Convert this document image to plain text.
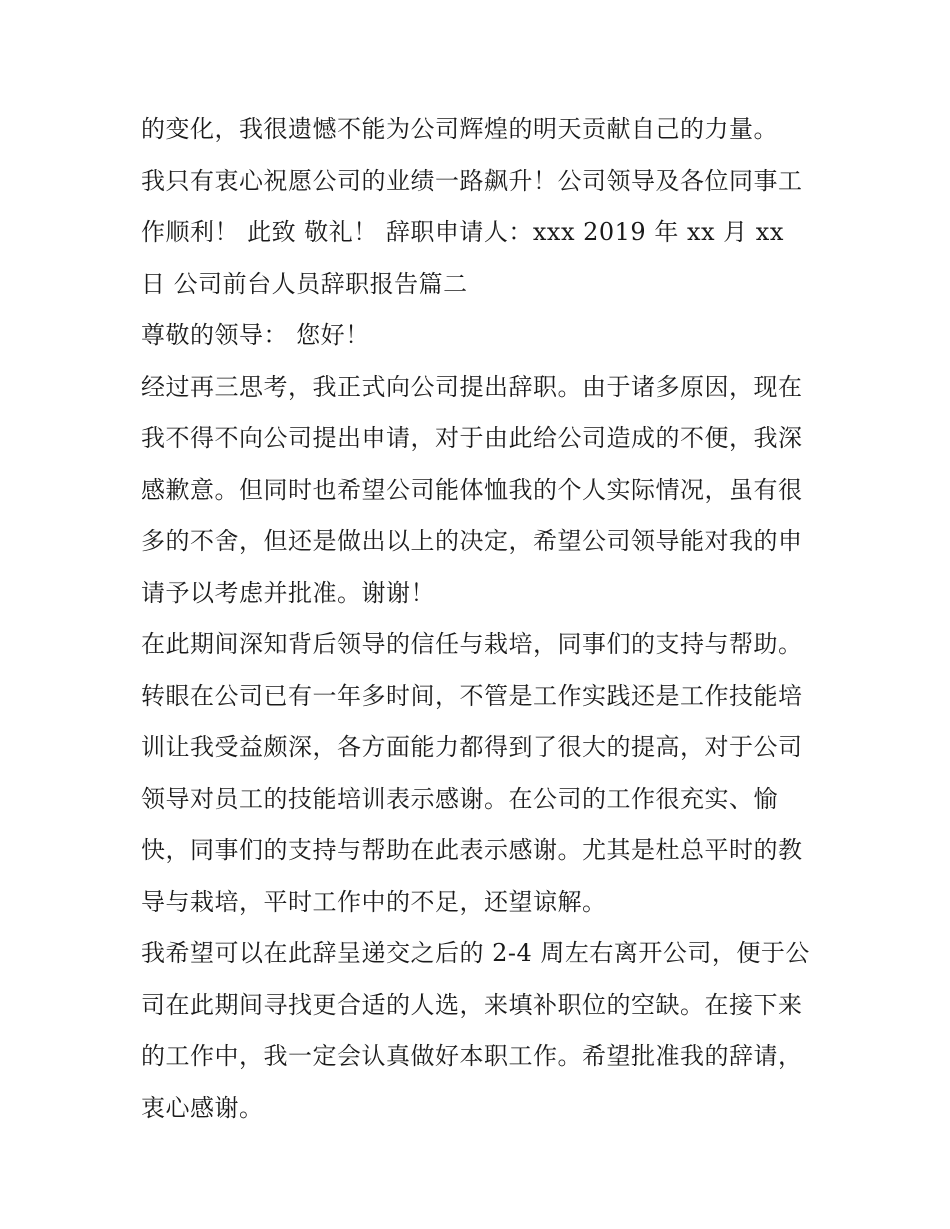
的变化，我很遗憾不能为公司辉煌的明天贡献自己的力量。

我只有衷心祝愿公司的业绩一路飙升！公司领导及各位同事工作顺利！ 此致 敬礼！ 辞职申请人：xxx 2019 年 xx 月 xx 日 公司前台人员辞职报告篇二

尊敬的领导： 您好！

经过再三思考，我正式向公司提出辞职。由于诸多原因，现在我不得不向公司提出申请，对于由此给公司造成的不便，我深感歉意。但同时也希望公司能体恤我的个人实际情况，虽有很多的不舍，但还是做出以上的决定，希望公司领导能对我的申请予以考虑并批准。谢谢！

在此期间深知背后领导的信任与栽培，同事们的支持与帮助。

转眼在公司已有一年多时间，不管是工作实践还是工作技能培训让我受益颇深，各方面能力都得到了很大的提高，对于公司领导对员工的技能培训表示感谢。在公司的工作很充实、愉快，同事们的支持与帮助在此表示感谢。尤其是杜总平时的教导与栽培，平时工作中的不足，还望谅解。

我希望可以在此辞呈递交之后的 2-4 周左右离开公司，便于公司在此期间寻找更合适的人选，来填补职位的空缺。在接下来的工作中，我一定会认真做好本职工作。希望批准我的辞请，衷心感谢。
